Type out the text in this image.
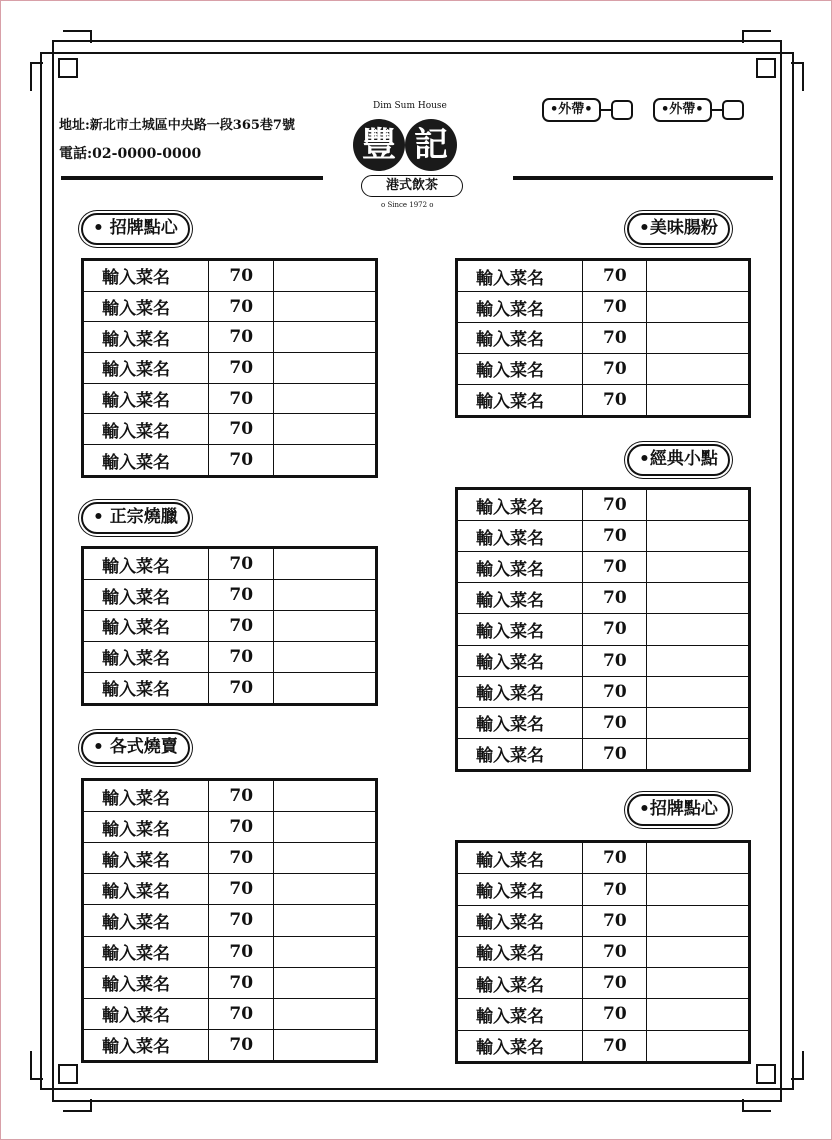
地址:新北市土城區中央路一段365巷7號
電話:02-0000-0000
Dim Sum House
豐 記
港式飲茶
o Since 1972 o
•外帶•	•外帶•
• 招牌點心
輸入菜名	70	
輸入菜名	70	
輸入菜名	70	
輸入菜名	70	
輸入菜名	70	
輸入菜名	70	
輸入菜名	70	
• 正宗燒臘
輸入菜名	70	
輸入菜名	70	
輸入菜名	70	
輸入菜名	70	
輸入菜名	70	
• 各式燒賣
輸入菜名	70	
輸入菜名	70	
輸入菜名	70	
輸入菜名	70	
輸入菜名	70	
輸入菜名	70	
輸入菜名	70	
輸入菜名	70	
輸入菜名	70	
•美味腸粉
輸入菜名	70	
輸入菜名	70	
輸入菜名	70	
輸入菜名	70	
輸入菜名	70	
•經典小點
輸入菜名	70	
輸入菜名	70	
輸入菜名	70	
輸入菜名	70	
輸入菜名	70	
輸入菜名	70	
輸入菜名	70	
輸入菜名	70	
輸入菜名	70	
•招牌點心
輸入菜名	70	
輸入菜名	70	
輸入菜名	70	
輸入菜名	70	
輸入菜名	70	
輸入菜名	70	
輸入菜名	70	
